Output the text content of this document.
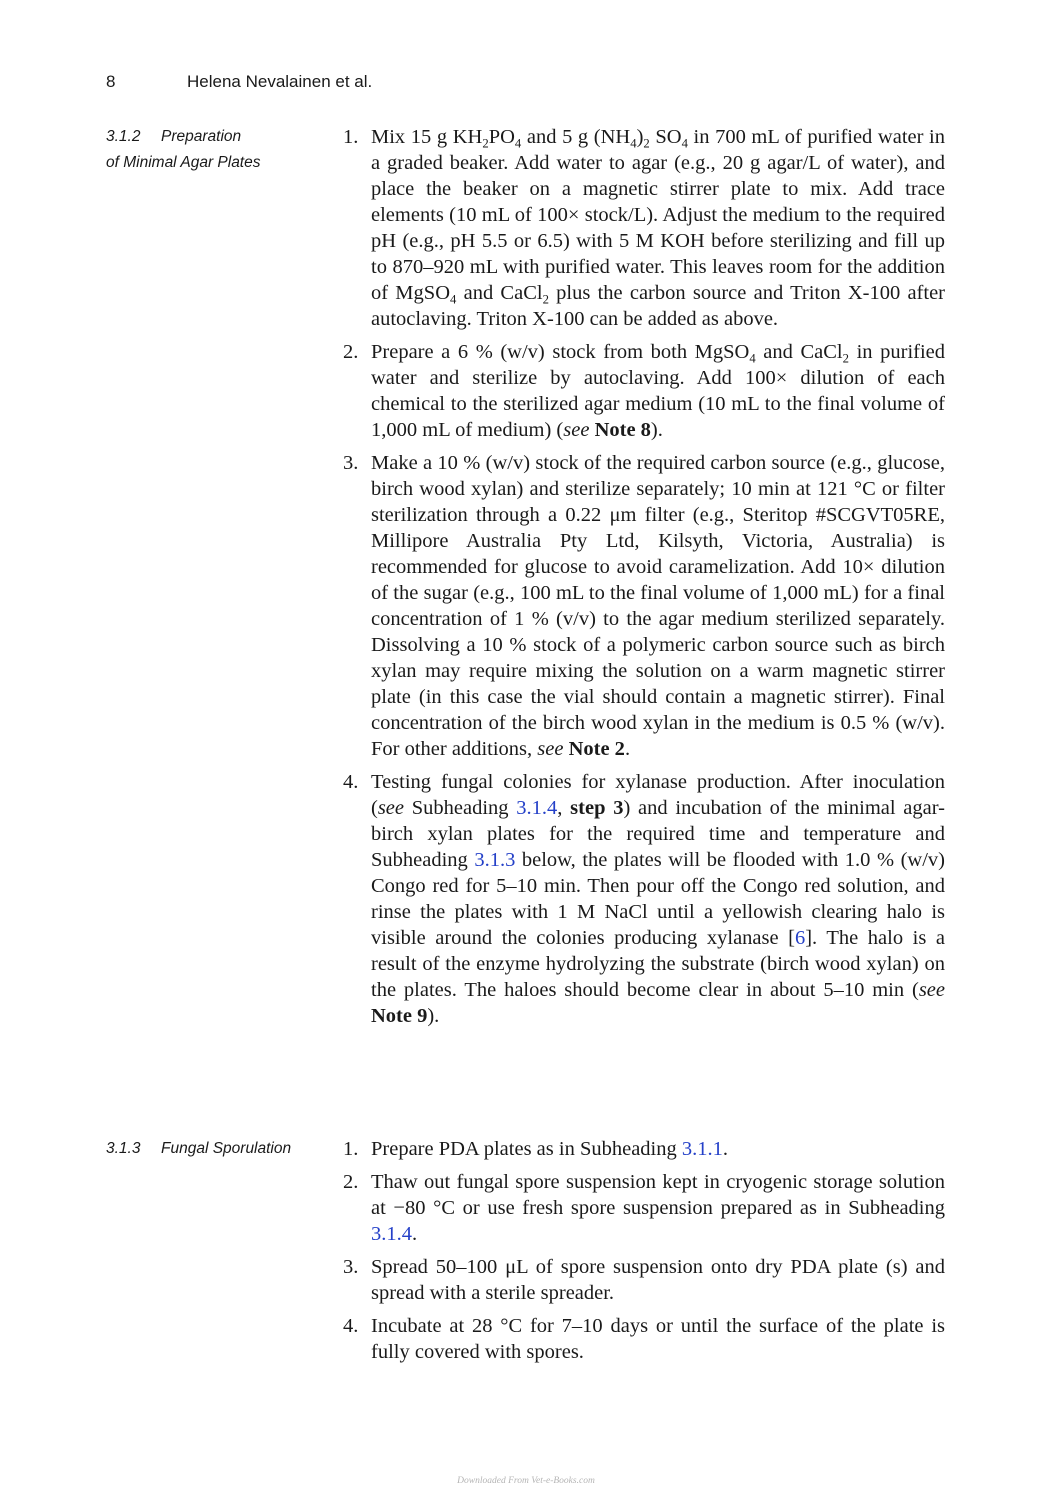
8	Helena Nevalainen et al.
3.1.2 Preparation
of Minimal Agar Plates
1. Mix 15 g $KH_2PO_4$ and 5 g $(NH_4)_2$ $SO_4$ in 700 mL of purified water in a graded beaker. Add water to agar (e.g., 20 g agar/L of water), and place the beaker on a magnetic stirrer plate to mix. Add trace elements (10 mL of 100× stock/L). Adjust the medium to the required pH (e.g., pH 5.5 or 6.5) with 5 M KOH before sterilizing and fill up to 870–920 mL with purified water. This leaves room for the addition of MgSO$_4$ and CaCl$_2$ plus the carbon source and Triton X-100 after autoclaving. Triton X-100 can be added as above.
2. Prepare a 6 % (w/v) stock from both MgSO$_4$ and CaCl$_2$ in purified water and sterilize by autoclaving. Add 100× dilution of each chemical to the sterilized agar medium (10 mL to the final volume of 1,000 mL of medium) (see Note 8).
3. Make a 10 % (w/v) stock of the required carbon source (e.g., glucose, birch wood xylan) and sterilize separately; 10 min at 121 °C or filter sterilization through a 0.22 μm filter (e.g., Steritop #SCGVT05RE, Millipore Australia Pty Ltd, Kilsyth, Victoria, Australia) is recommended for glucose to avoid caramelization. Add 10× dilution of the sugar (e.g., 100 mL to the final volume of 1,000 mL) for a final concentration of 1 % (v/v) to the agar medium sterilized separately. Dissolving a 10 % stock of a polymeric carbon source such as birch xylan may require mixing the solution on a warm magnetic stirrer plate (in this case the vial should contain a magnetic stirrer). Final concentration of the birch wood xylan in the medium is 0.5 % (w/v). For other additions, see Note 2.
4. Testing fungal colonies for xylanase production. After inoculation (see Subheading 3.1.4, step 3) and incubation of the minimal agar-birch xylan plates for the required time and temperature and Subheading 3.1.3 below, the plates will be flooded with 1.0 % (w/v) Congo red for 5–10 min. Then pour off the Congo red solution, and rinse the plates with 1 M NaCl until a yellowish clearing halo is visible around the colonies producing xylanase [6]. The halo is a result of the enzyme hydrolyzing the substrate (birch wood xylan) on the plates. The haloes should become clear in about 5–10 min (see Note 9).
3.1.3 Fungal Sporulation	1. Prepare PDA plates as in Subheading 3.1.1.
2. Thaw out fungal spore suspension kept in cryogenic storage solution at −80 °C or use fresh spore suspension prepared as in Subheading 3.1.4.
3. Spread 50–100 μL of spore suspension onto dry PDA plate (s) and spread with a sterile spreader.
4. Incubate at 28 °C for 7–10 days or until the surface of the plate is fully covered with spores.
Downloaded From Vet-e-Books.com
